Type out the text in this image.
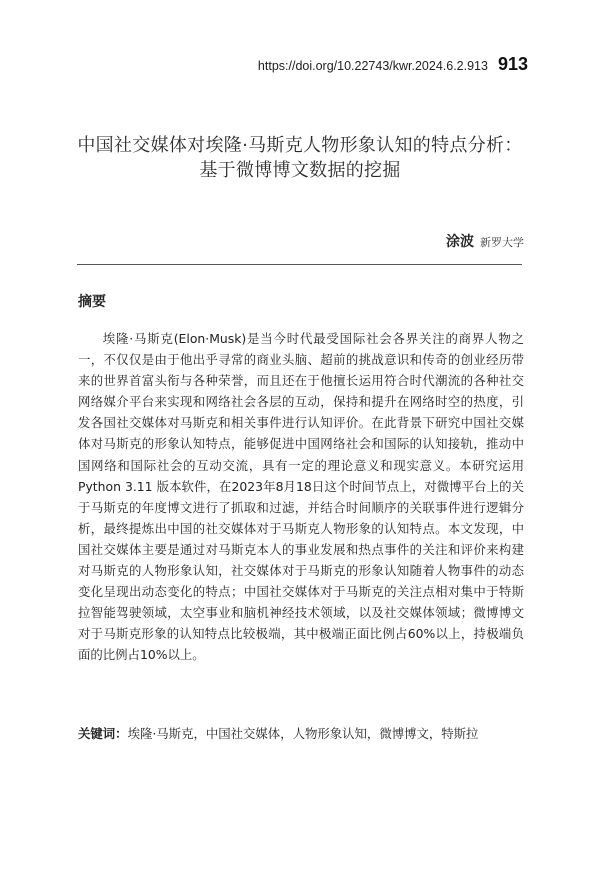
https://doi.org/10.22743/kwr.2024.6.2.913 913
中国社交媒体对埃隆·马斯克人物形象认知的特点分析：
基于微博博文数据的挖掘
涂波 新罗大学
摘要

埃隆·马斯克(Elon·Musk)是当今时代最受国际社会各界关注的商界人物之一，不仅仅是由于他出乎寻常的商业头脑、超前的挑战意识和传奇的创业经历带来的世界首富头衔与各种荣誉，而且还在于他擅长运用符合时代潮流的各种社交网络媒介平台来实现和网络社会各层的互动，保持和提升在网络时空的热度，引发各国社交媒体对马斯克和相关事件进行认知评价。在此背景下研究中国社交媒体对马斯克的形象认知特点，能够促进中国网络社会和国际的认知接轨，推动中国网络和国际社会的互动交流，具有一定的理论意义和现实意义。本研究运用Python 3.11 版本软件，在2023年8月18日这个时间节点上，对微博平台上的关于马斯克的年度博文进行了抓取和过滤，并结合时间顺序的关联事件进行逻辑分析，最终提炼出中国的社交媒体对于马斯克人物形象的认知特点。本文发现，中国社交媒体主要是通过对马斯克本人的事业发展和热点事件的关注和评价来构建对马斯克的人物形象认知，社交媒体对于马斯克的形象认知随着人物事件的动态变化呈现出动态变化的特点；中国社交媒体对于马斯克的关注点相对集中于特斯拉智能驾驶领域，太空事业和脑机神经技术领域，以及社交媒体领域；微博博文对于马斯克形象的认知特点比较极端，其中极端正面比例占60%以上，持极端负面的比例占10%以上。

关键词：埃隆·马斯克，中国社交媒体，人物形象认知，微博博文，特斯拉
